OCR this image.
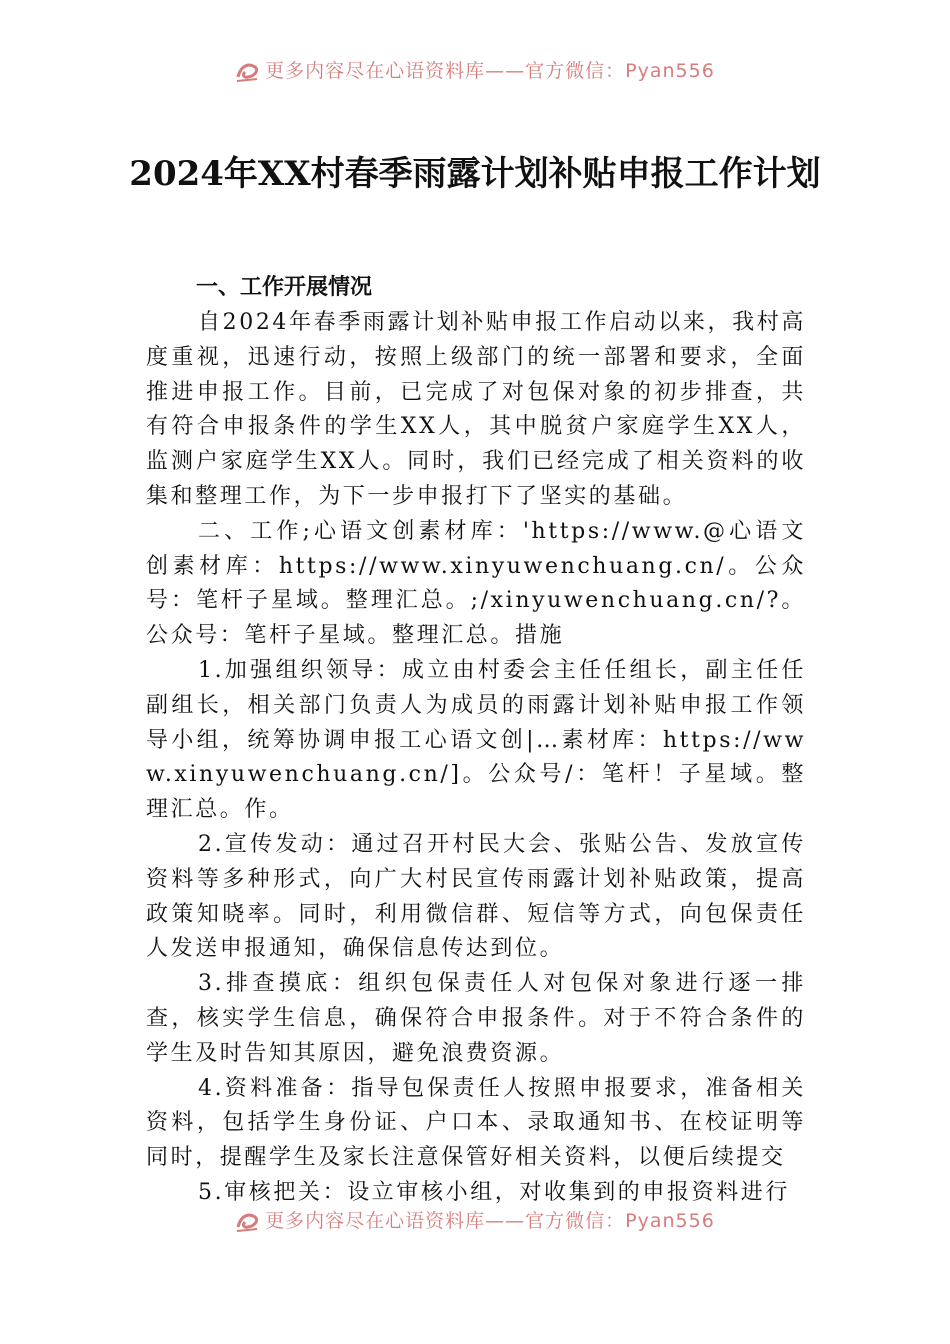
更多内容尽在心语资料库——官方微信：Pyan556
2024年XX村春季雨露计划补贴申报工作计划

一、工作开展情况

自2024年春季雨露计划补贴申报工作启动以来，我村高度重视，迅速行动，按照上级部门的统一部署和要求，全面推进申报工作。目前，已完成了对包保对象的初步排查，共有符合申报条件的学生XX人，其中脱贫户家庭学生XX人，监测户家庭学生XX人。同时，我们已经完成了相关资料的收集和整理工作，为下一步申报打下了坚实的基础。

二、工作;心语文创素材库：'https://www.@心语文创素材库：https://www.xinyuwenchuang.cn/。公众号：笔杆子星域。整理汇总。;/xinyuwenchuang.cn/?。公众号：笔杆子星域。整理汇总。措施

1.加强组织领导：成立由村委会主任任组长，副主任任副组长，相关部门负责人为成员的雨露计划补贴申报工作领导小组，统筹协调申报工心语文创|…素材库：https://www.xinyuwenchuang.cn/]。公众号/：笔杆！子星域。整理汇总。作。

2.宣传发动：通过召开村民大会、张贴公告、发放宣传资料等多种形式，向广大村民宣传雨露计划补贴政策，提高政策知晓率。同时，利用微信群、短信等方式，向包保责任人发送申报通知，确保信息传达到位。

3.排查摸底：组织包保责任人对包保对象进行逐一排查，核实学生信息，确保符合申报条件。对于不符合条件的学生及时告知其原因，避免浪费资源。

4.资料准备：指导包保责任人按照申报要求，准备相关资料，包括学生身份证、户口本、录取通知书、在校证明等同时，提醒学生及家长注意保管好相关资料，以便后续提交

5.审核把关：设立审核小组，对收集到的申报资料进行

更多内容尽在心语资料库——官方微信：Pyan556
